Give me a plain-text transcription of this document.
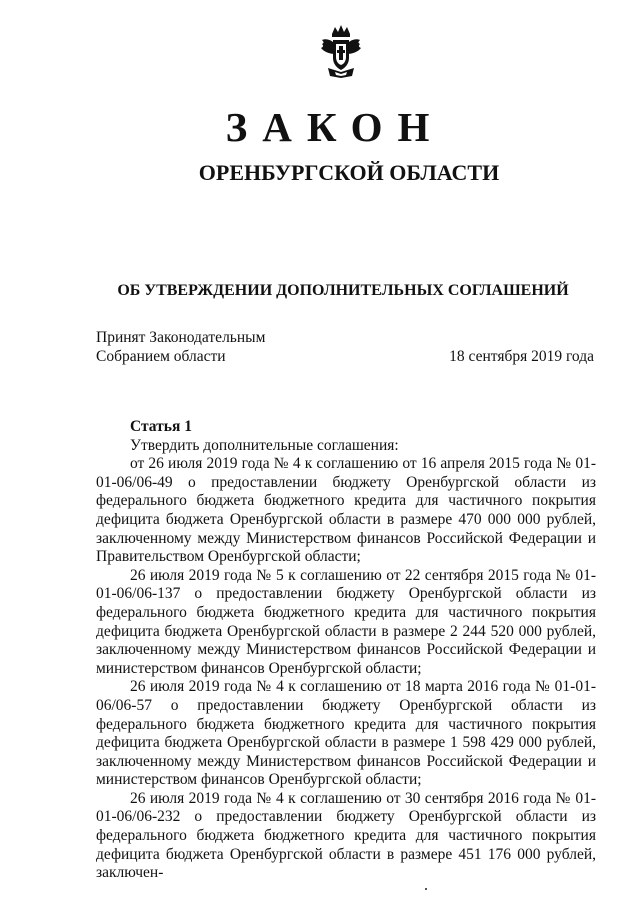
ЗАКОН
ОРЕНБУРГСКОЙ ОБЛАСТИ
ОБ УТВЕРЖДЕНИИ ДОПОЛНИТЕЛЬНЫХ СОГЛАШЕНИЙ
Принят Законодательным
Собранием области	18 сентября 2019 года

Статья 1

Утвердить дополнительные соглашения:

от 26 июля 2019 года № 4 к соглашению от 16 апреля 2015 года № 01-01-06/06-49 о предоставлении бюджету Оренбургской области из федерального бюджета бюджетного кредита для частичного покрытия дефицита бюджета Оренбургской области в размере 470 000 000 рублей, заключенному между Министерством финансов Российской Федерации и Правительством Оренбургской области;

26 июля 2019 года № 5 к соглашению от 22 сентября 2015 года № 01-01-06/06-137 о предоставлении бюджету Оренбургской области из федерального бюджета бюджетного кредита для частичного покрытия дефицита бюджета Оренбургской области в размере 2 244 520 000 рублей, заключенному между Министерством финансов Российской Федерации и министерством финансов Оренбургской области;

26 июля 2019 года № 4 к соглашению от 18 марта 2016 года № 01-01-06/06-57 о предоставлении бюджету Оренбургской области из федерального бюджета бюджетного кредита для частичного покрытия дефицита бюджета Оренбургской области в размере 1 598 429 000 рублей, заключенному между Министерством финансов Российской Федерации и министерством финансов Оренбургской области;

26 июля 2019 года № 4 к соглашению от 30 сентября 2016 года № 01-01-06/06-232 о предоставлении бюджету Оренбургской области из федерального бюджета бюджетного кредита для частичного покрытия дефицита бюджета Оренбургской области в размере 451 176 000 рублей, заключен-
